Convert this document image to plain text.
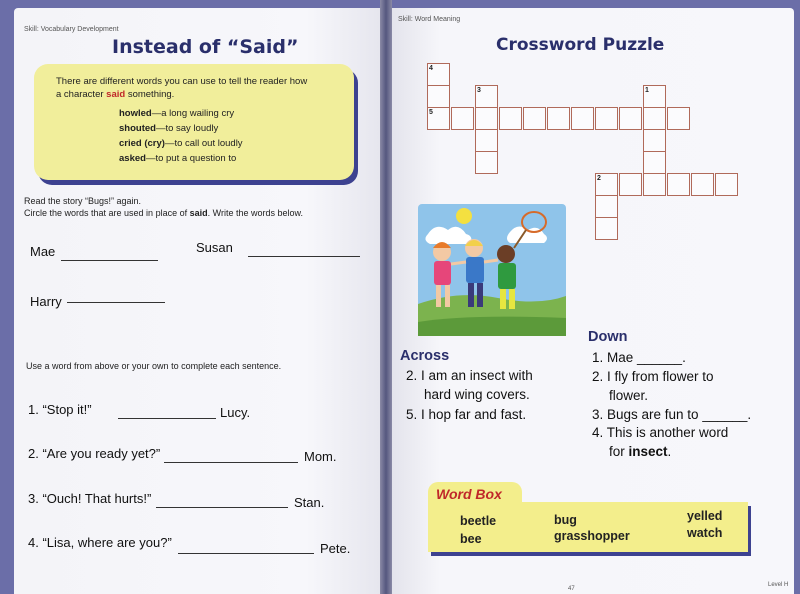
Skill: Vocabulary Development
Instead of “Said”
There are different words you can use to tell the reader how
a character said something.
howled—a long wailing cry
shouted—to say loudly
cried (cry)—to call out loudly
asked—to put a question to
Read the story “Bugs!” again.
Circle the words that are used in place of said. Write the words below.
Mae	Susan
Harry
Use a word from above or your own to complete each sentence.
1. “Stop it!”	Lucy.
2. “Are you ready yet?”	Mom.
3. “Ouch! That hurts!”	Stan.
4. “Lisa, where are you?”	Pete.
Skill: Word Meaning
Crossword Puzzle
4
3	1
5
2
Across
2. I am an insect with
hard wing covers.
5. I hop far and fast.
Down
1. Mae ______.
2. I fly from flower to
flower.
3. Bugs are fun to ______.
4. This is another word
for insect.
Word Box
beetle
bee
bug
grasshopper
yelled
watch
47
Level H
